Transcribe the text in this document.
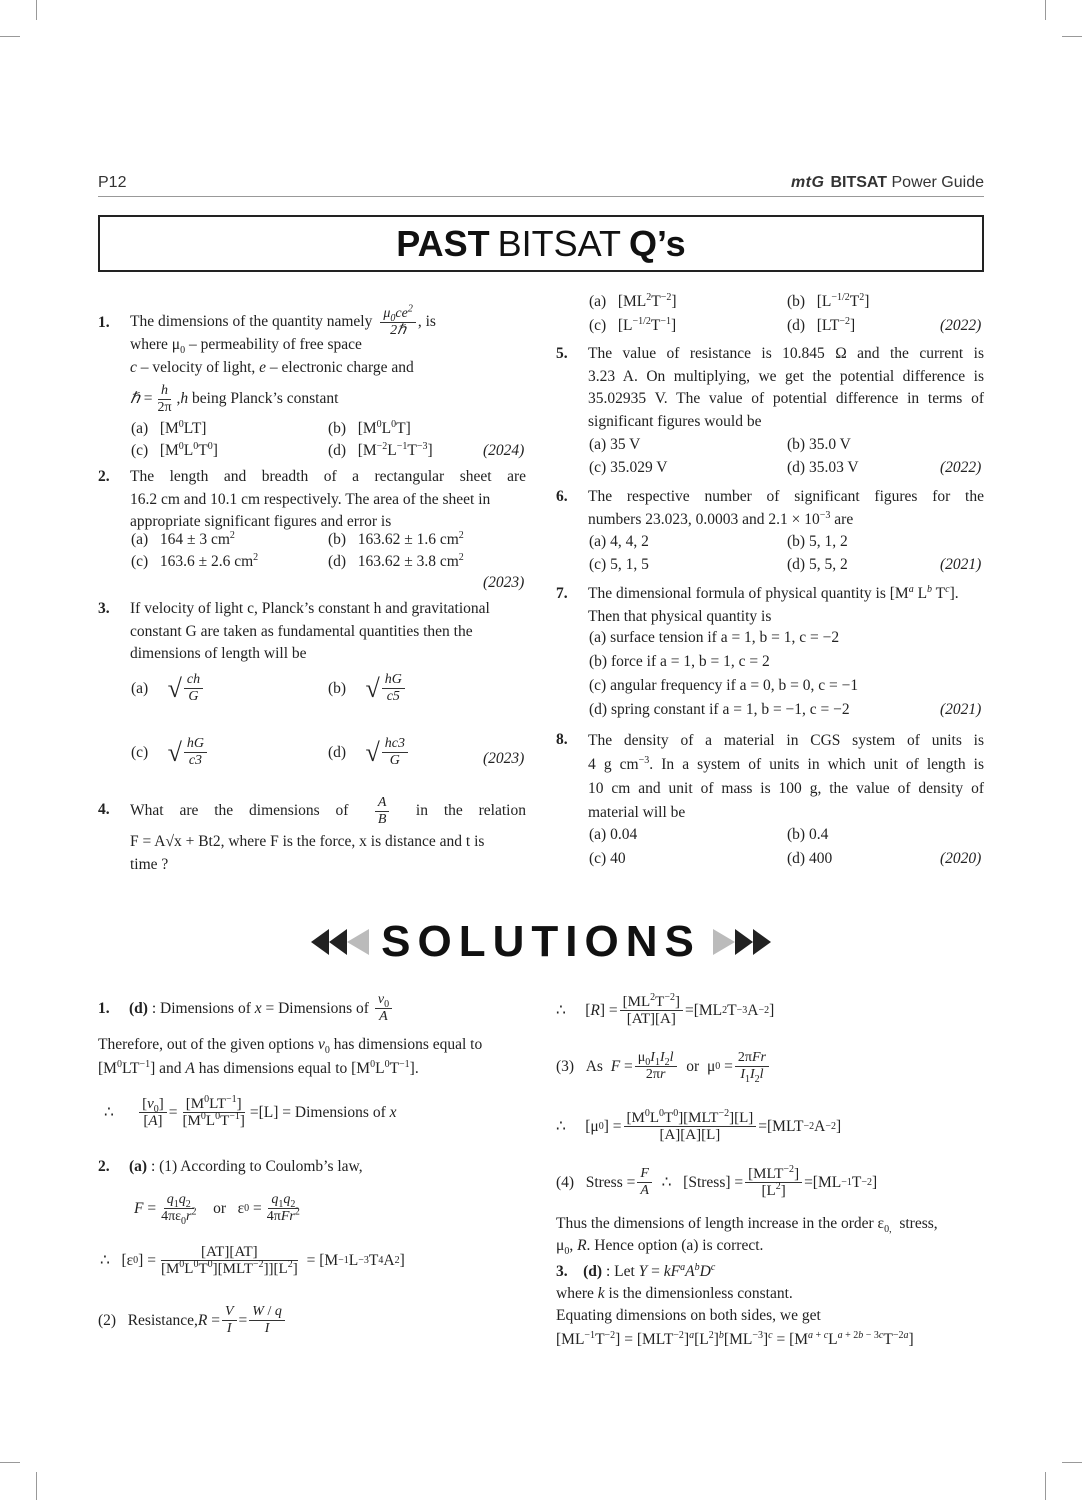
P12	mtG BITSAT Power Guide
PAST BITSAT Q’s
1. The dimensions of the quantity namely $\frac{\mu_0ce^2}{\text{2ℏ}}$ , is
where $\mu_0$ – permeability of free space
c – velocity of light, e – electronic charge and
ℏ = $\frac{h}{2\pi}$ , h being Planck’s constant
(a)   $[M^0LT]$	(b)   $[M^0L^0T]$
(c)   $[M^0L^0T^0]$	(d)   $[M^{-2}L^{-1}T^{-3}]$	(2024)
2. The length and breadth of a rectangular sheet are
16.2 cm and 10.1 cm respectively. The area of the sheet in
appropriate significant figures and error is
(a)   164 ± 3 $cm^2$	(b)   163.62 ± 1.6 $cm^2$
(c)   163.6 ± 2.6 $cm^2$	(d)   163.62 ± 3.8 $cm^2$
(2023)
3. If velocity of light c, Planck’s constant h and gravitational
constant G are taken as fundamental quantities then the
dimensions of length will be
(a)
√ $\frac{ch}{G}$	(b)
√ $\frac{hG}{c5}$
(c)
√ $\frac{hG}{c3}$	(d)
√ $\frac{hc3}{G}$	(2023)
4. What are the dimensions of $\frac{A}{B}$ in the relation
F = A√x + Bt2, where F is the force, x is distance and t is
time ?
(a)   $[ML^2T^{-2}]$	(b)   $[L^{-1/2}T^2]$
(c)   $[L^{-1/2}T^{-1}]$	(d)   $[LT^{-2}]$	(2022)
5. The value of resistance is 10.845 Ω and the current is
3.23 A. On multiplying, we get the potential difference is
35.02935 V. The value of potential difference in terms of
significant figures would be
(a) 35 V	(b) 35.0 V
(c) 35.029 V	(d) 35.03 V	(2022)
6. The respective number of significant figures for the
numbers 23.023, 0.0003 and $2.1 \times 10^{-3}$ are
(a) 4, 4, 2	(b) 5, 1, 2
(c) 5, 1, 5	(d) 5, 5, 2	(2021)
7. The dimensional formula of physical quantity is [$M^a$ $L^b$ $T^c$].
Then that physical quantity is
(a) surface tension if a = 1, b = 1, c = −2
(b) force if a = 1, b = 1, c = 2
(c) angular frequency if a = 0, b = 0, c = −1
(d) spring constant if a = 1, b = −1, c = −2	(2021)
8. The density of a material in CGS system of units is
4 g $cm^{-3}$. In a system of units in which unit of length is
10 cm and unit of mass is 100 g, the value of density of
material will be
(a) 0.04	(b) 0.4
(c) 40	(d) 400	(2020)
SOLUTIONS
1.
(d) : Dimensions of x = Dimensions of $\frac{v_0}{A}$
Therefore, out of the given options $v_0$ has dimensions equal to
$[M^0LT^{-1}]$ and A has dimensions equal to $[M^0L^0T^{-1}]$.
∴ $\frac{[v_0]}{[A]} = \frac{[M^0LT^{-1}]}{[M^0L^0T^{-1}]} =[L]$ = Dimensions of x
2. (a) : (1) According to Coulomb’s law,
$F = \frac{q_1q_2}{4\pi\varepsilon_0r^2}$ or   ε $0 = \frac{q_1q_2}{4\pi Fr^2}$
∴   [ε 0 ] = $\frac{[AT][AT]}{[M^0L^0T^0][MLT^{-2}]][L^2]} = [M -1$ L −3 T 4 A 2 ]
(2)   Resistance, $R = \frac{V}{I} = \frac{W / q}{I}$
∴     [ R ] = $\frac{[ML^2T^{-2}]}{[AT][A]} =[ML$ 2 T −3 A −2 ]
(3)   As $F = \frac{\mu_0I_1I_2l}{2\pi r}$ or  μ $0 = \frac{\text{2πFr}}{I_1I_2l}$
∴     [μ 0 ] = $\frac{[M^0L^0T^0][MLT^{-2}][L]}{[A][A][L]} =[MLT -2$ A −2 ]
(4)   Stress = $\frac{F}{A}$ ∴   [Stress] = $\frac{[MLT^{-2}]}{[L^2]} =[ML -1$ T −2 ]
Thus the dimensions of length increase in the order $\varepsilon_{0,}$  stress,
$\mu_0$, R. Hence option (a) is correct.
3. (d) : Let $Y = kF^aA^bD^c$
where k is the dimensionless constant.
Equating dimensions on both sides, we get
$[ML^{-1}T^{-2}] = [MLT^{-2}]^a[L^2]^b[ML^{-3}]^c = [M^{a + c}L^{a + 2b - 3c}T^{-2a}]$
